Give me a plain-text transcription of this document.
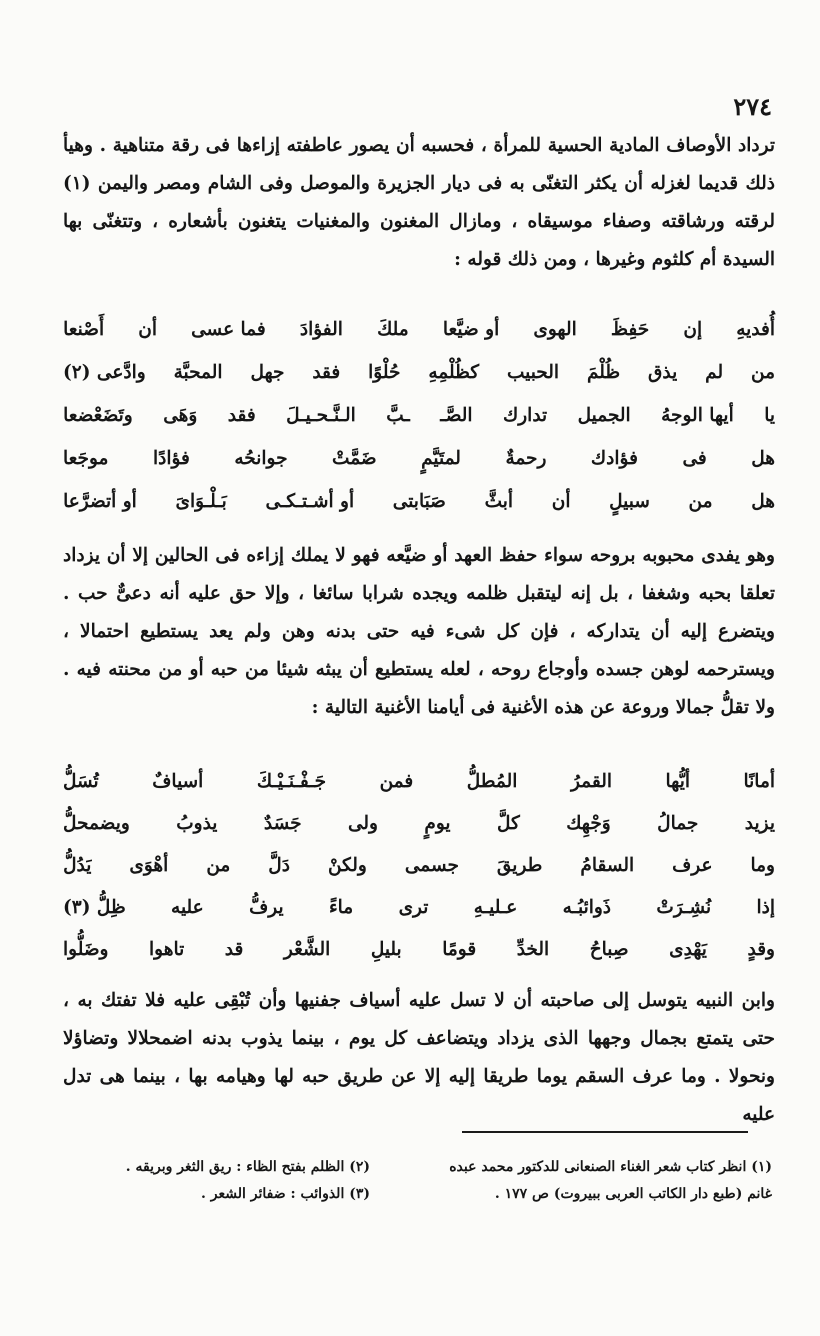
٢٧٤

ترداد الأوصاف المادية الحسية للمرأة ، فحسبه أن يصور عاطفته إزاءها فى رقة متناهية . وهيأ ذلك قديما لغزله أن يكثر التغنّى به فى ديار الجزيرة والموصل وفى الشام ومصر واليمن (١) لرقته ورشاقته وصفاء موسيقاه ، ومازال المغنون والمغنيات يتغنون بأشعاره ، وتتغنّى بها السيدة أم كلثوم وغيرها ، ومن ذلك قوله :

أُفديهِ
إن
حَفِظَ
الهوى
أو ضيَّعا
ملكَ
الفؤادَ
فما عسى
أن
أَصْنعا
من
لم
يذق
ظُلْمَ
الحبيب
كظُلْمِهِ
حُلْوًا
فقد
جهل
المحبَّة
وادَّعى (٢)
يا
أيها الوجهُ
الجميل
تدارك
الصَّـ
ـبَّ
الـنَّـحـيـلَ
فقد
وَهَى
وتَضَعْضعا
هل
فى
فؤادك
رحمةٌ
لمتَيَّمٍ
ضَمَّتْ
جوانحُه
فؤادًا
موجَعا
هل
من
سبيلٍ
أن
أبثَّ
صَبَابتى
أو أشـتـكـى
بَـلْـوَاىَ
أو أتضرَّعا

وهو يفدى محبوبه بروحه سواء حفظ العهد أو ضيَّعه فهو لا يملك إزاءه فى الحالين إلا أن يزداد تعلقا بحبه وشغفا ، بل إنه ليتقبل ظلمه ويجده شرابا سائغا ، وإلا حق عليه أنه دعىٌّ حب . ويتضرع إليه أن يتداركه ، فإن كل شىء فيه حتى بدنه وهن ولم يعد يستطيع احتمالا ، ويسترحمه لوهن جسده وأوجاع روحه ، لعله يستطيع أن يبثه شيئا من حبه أو من محنته فيه . ولا تقلُّ جمالا وروعة عن هذه الأغنية فى أيامنا الأغنية التالية :

أمانًا
أيُّها
القمرُ
المُطلُّ
فمن
جَـفْـنَـيْـكَ
أسيافٌ
تُسَلُّ
يزيد
جمالُ
وَجْهِك
كلَّ
يومٍ
ولى
جَسَدٌ
يذوبُ
ويضمحلُّ
وما
عرف
السقامُ
طريقَ
جسمى
ولكنْ
دَلَّ
من
أهْوَى
يَدُلُّ
إذا
نُشِـرَتْ
ذَوائبُـه
عـليـهِ
ترى
ماءً
يرفُّ
عليه
ظِلُّ (٣)
وقدٍ
يَهْدِى
صِباحُ
الخدِّ
قومًا
بليلِ
الشَّعْر
قد
تاهوا
وضَلُّوا

وابن النبيه يتوسل إلى صاحبته أن لا تسل عليه أسياف جفنيها وأن تُبْقِى عليه فلا تفتك به ، حتى يتمتع بجمال وجهها الذى يزداد ويتضاعف كل يوم ، بينما يذوب بدنه اضمحلالا وتضاؤلا ونحولا . وما عرف السقم يوما طريقا إليه إلا عن طريق حبه لها وهيامه بها ، بينما هى تدل عليه

(١) انظر كتاب شعر الغناء الصنعانى للدكتور محمد عبده
غانم (طبع دار الكاتب العربى ببيروت) ص ١٧٧ .
(٢) الظلم بفتح الظاء : ريق الثغر وبريقه .
(٣) الذوائب : ضفائر الشعر .
